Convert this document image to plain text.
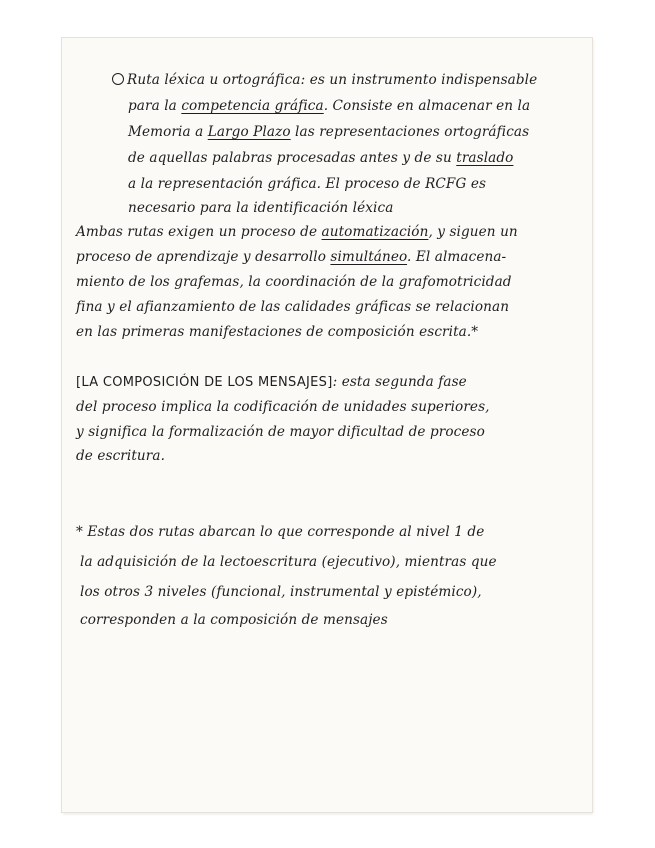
Ruta léxica u ortográfica: es un instrumento indispensable

para la competencia gráfica. Consiste en almacenar en la

Memoria a Largo Plazo las representaciones ortográficas

de aquellas palabras procesadas antes y de su traslado

a la representación gráfica. El proceso de RCFG es

necesario para la identificación léxica

Ambas rutas exigen un proceso de automatización, y siguen un

proceso de aprendizaje y desarrollo simultáneo. El almacena-

miento de los grafemas, la coordinación de la grafomotricidad

fina y el afianzamiento de las calidades gráficas se relacionan

en las primeras manifestaciones de composición escrita.*

[LA COMPOSICIÓN DE LOS MENSAJES]: esta segunda fase

del proceso implica la codificación de unidades superiores,

y significa la formalización de mayor dificultad de proceso

de escritura.

* Estas dos rutas abarcan lo que corresponde al nivel 1 de

la adquisición de la lectoescritura (ejecutivo), mientras que

los otros 3 niveles (funcional, instrumental y epistémico),

corresponden a la composición de mensajes
